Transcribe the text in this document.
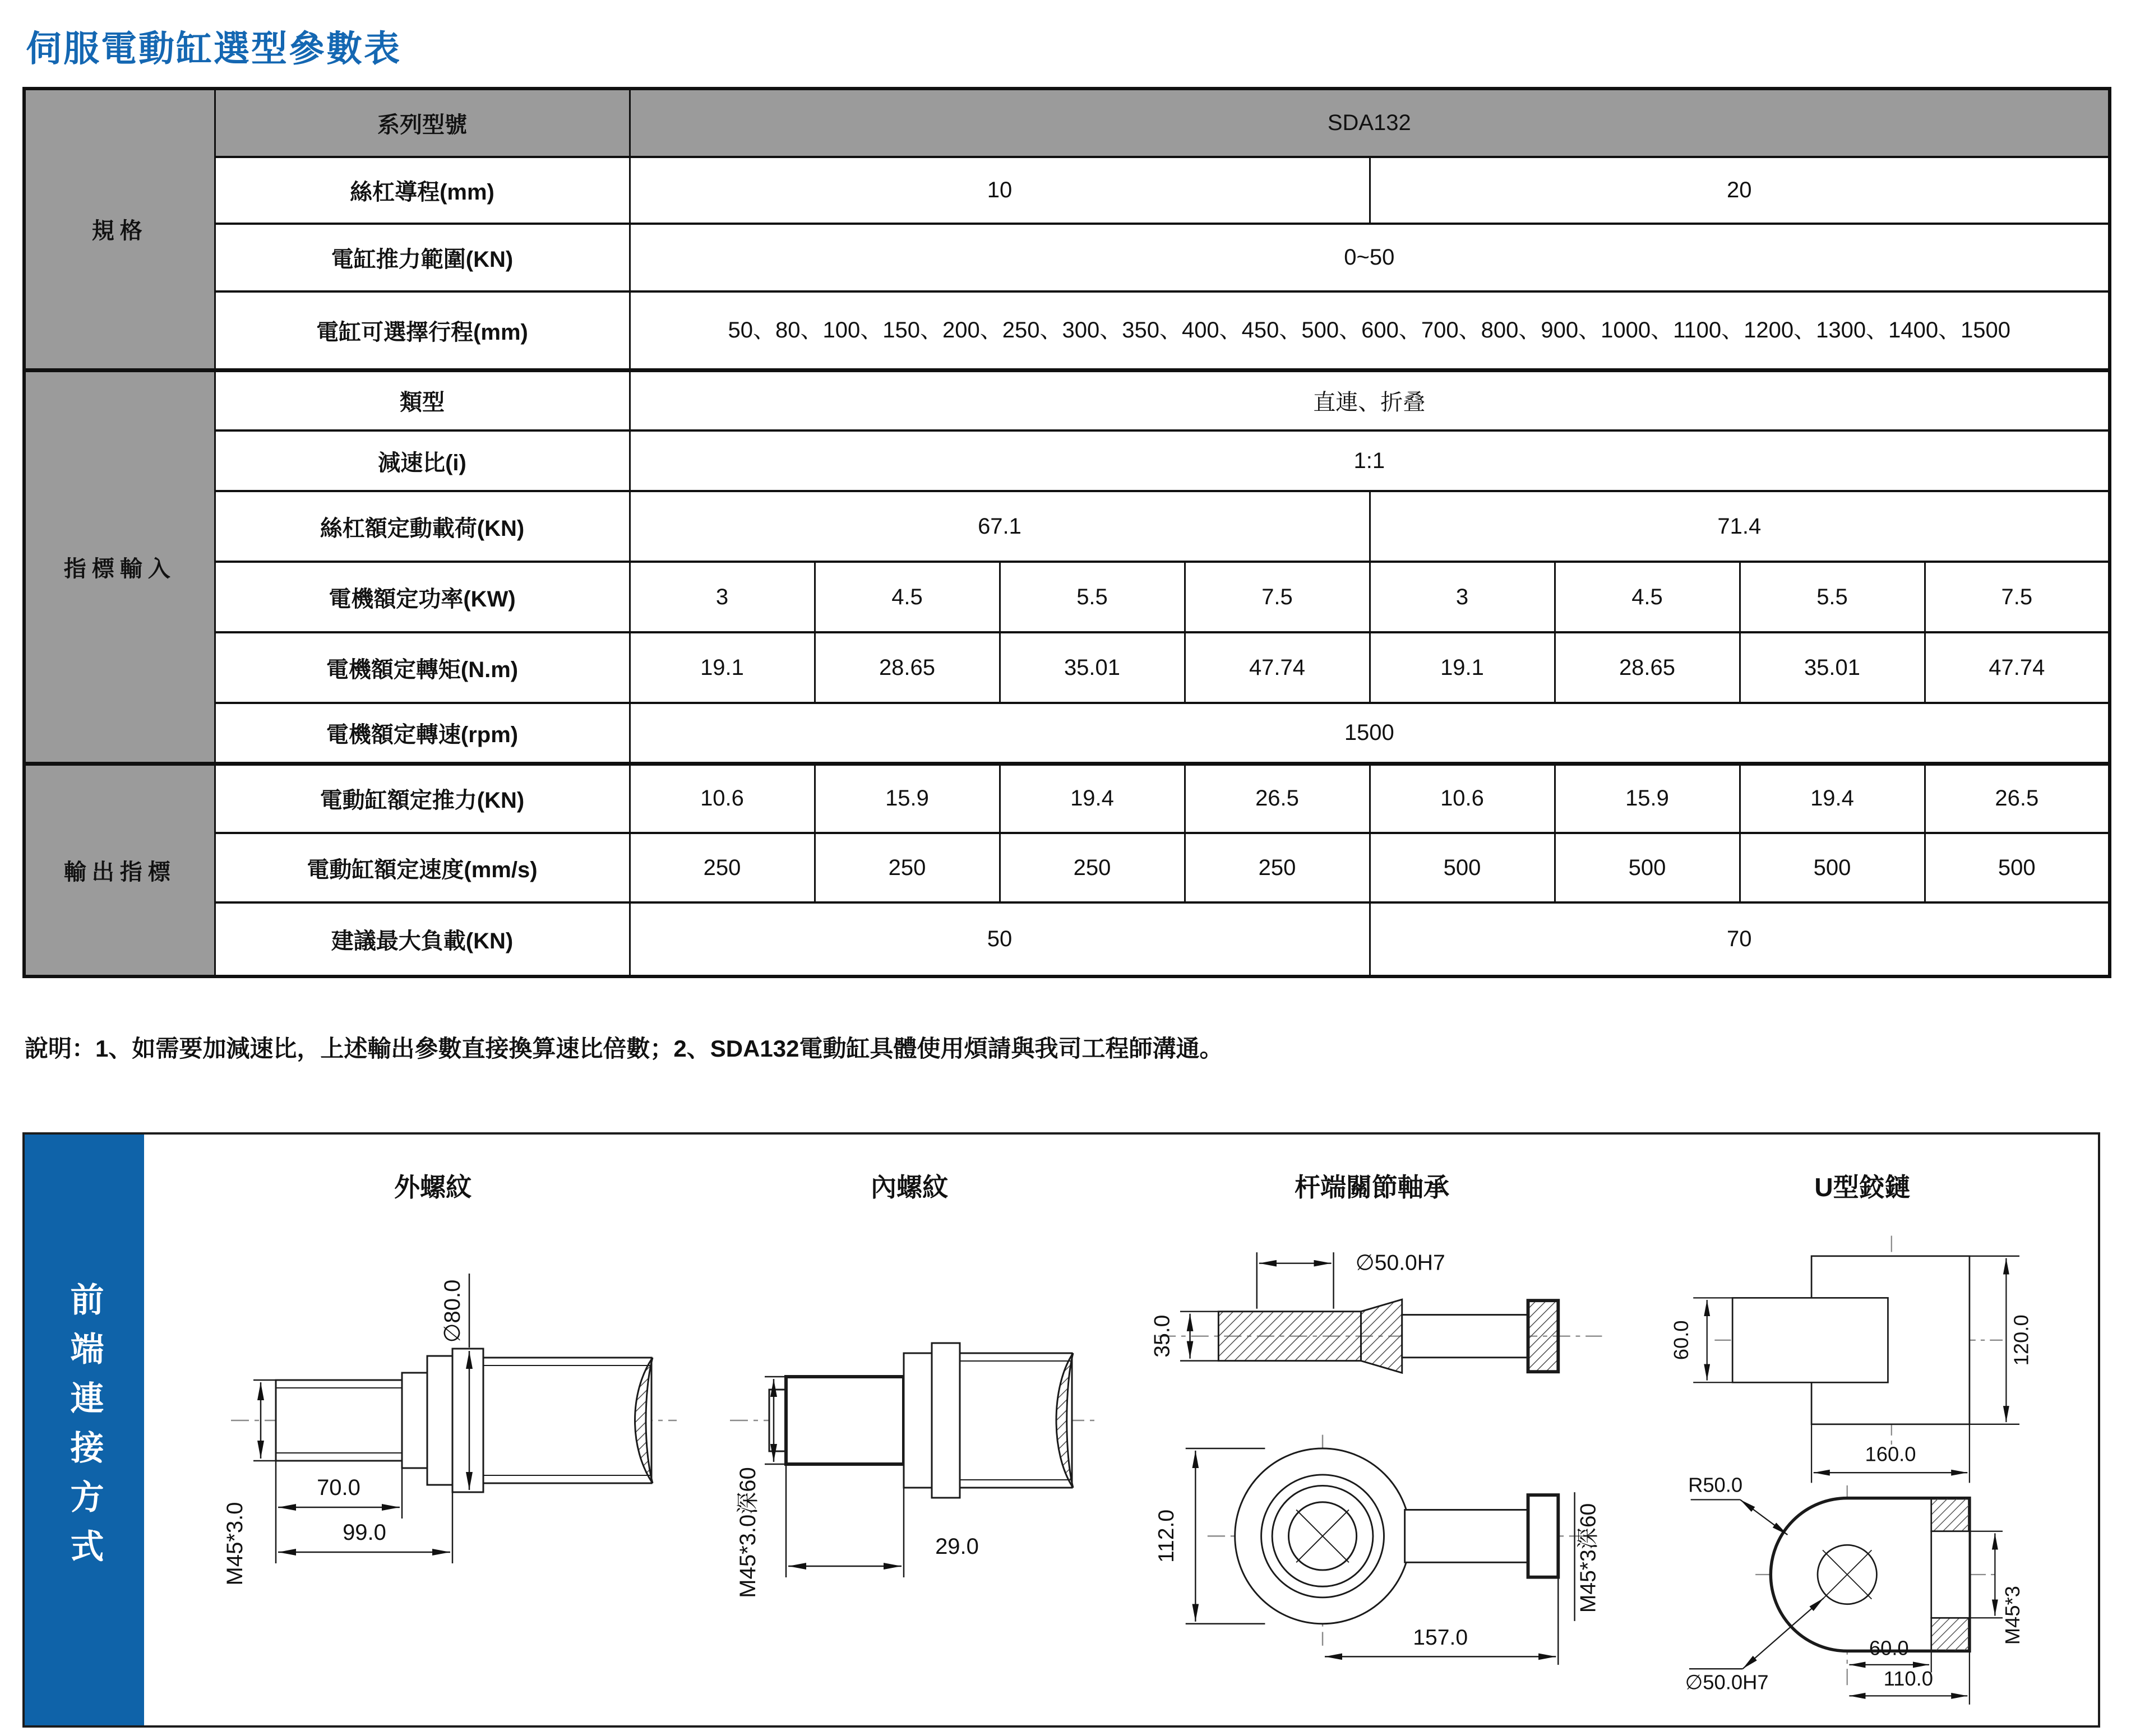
伺服電動缸選型參數表
規格	系列型號	SDA132							
	絲杠導程(mm)	10				20			
	電缸推力範圍(KN)	0~50							
	電缸可選擇行程(mm)	50、80、100、150、200、250、300、350、400、450、500、600、700、800、900、1000、1100、1200、1300、1400、1500							
指標輸入	類型	直連、折叠							
	減速比(i)	1:1							
	絲杠額定動載荷(KN)	67.1				71.4			
	電機額定功率(KW)	3	4.5	5.5	7.5	3	4.5	5.5	7.5
	電機額定轉矩(N.m)	19.1	28.65	35.01	47.74	19.1	28.65	35.01	47.74
	電機額定轉速(rpm)	1500							
輸出指標	電動缸額定推力(KN)	10.6	15.9	19.4	26.5	10.6	15.9	19.4	26.5
	電動缸額定速度(mm/s)	250	250	250	250	500	500	500	500
	建議最大負載(KN)	50				70			
說明：1、如需要加減速比，上述輸出參數直接換算速比倍數；2、SDA132電動缸具體使用煩請與我司工程師溝通。
前端連接方式
外螺紋
∅80.0
M45*3.0
70.0
99.0
內螺紋
M45*3.0深60	29.0
杆端關節軸承
∅50.0H7
35.0
112.0
157.0
M45*3深60
U型鉸鏈
60.0	120.0
160.0
R50.0
∅50.0H7
60.0
110.0
M45*3
